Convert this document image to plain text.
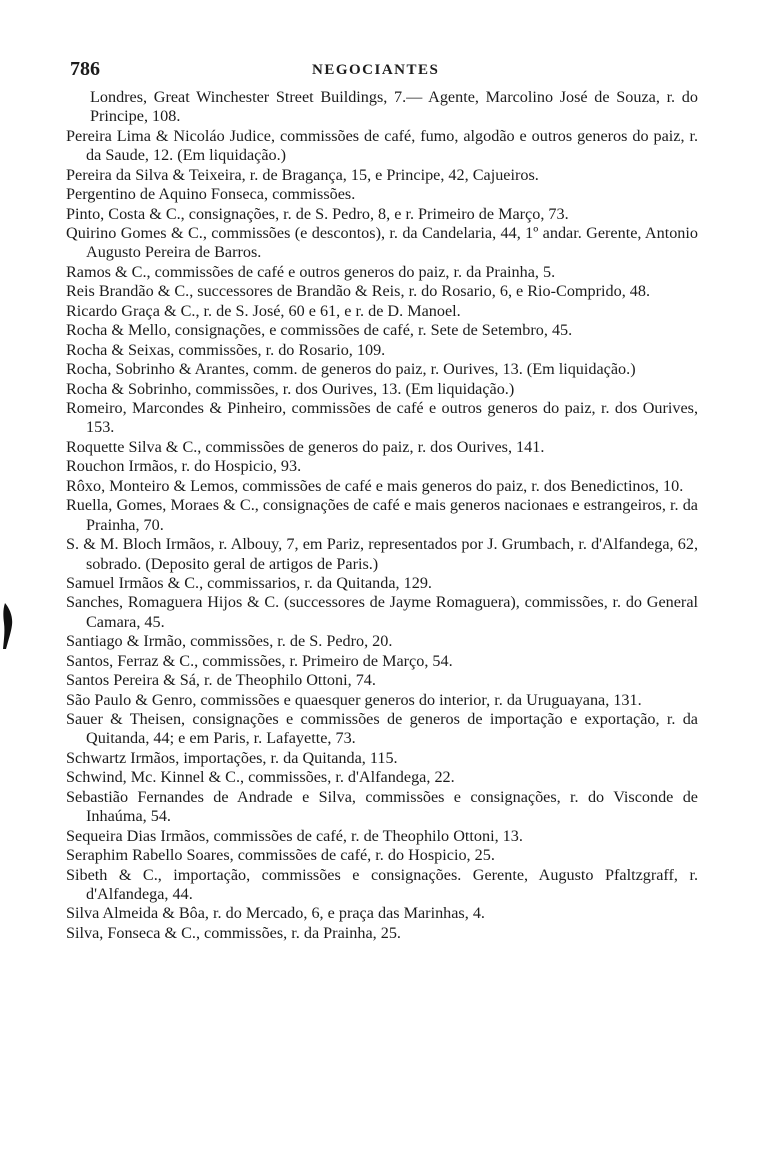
786	NEGOCIANTES

Londres, Great Winchester Street Buildings, 7.— Agente, Marcolino José de Souza, r. do Principe, 108.

Pereira Lima & Nicoláo Judice, commissões de café, fumo, algodão e outros generos do paiz, r. da Saude, 12. (Em liquidação.)

Pereira da Silva & Teixeira, r. de Bragança, 15, e Principe, 42, Cajueiros.

Pergentino de Aquino Fonseca, commissões.

Pinto, Costa & C., consignações, r. de S. Pedro, 8, e r. Primeiro de Março, 73.

Quirino Gomes & C., commissões (e descontos), r. da Candelaria, 44, 1º andar. Gerente, Antonio Augusto Pereira de Barros.

Ramos & C., commissões de café e outros generos do paiz, r. da Prainha, 5.

Reis Brandão & C., successores de Brandão & Reis, r. do Rosario, 6, e Rio-Comprido, 48.

Ricardo Graça & C., r. de S. José, 60 e 61, e r. de D. Manoel.

Rocha & Mello, consignações, e commissões de café, r. Sete de Setembro, 45.

Rocha & Seixas, commissões, r. do Rosario, 109.

Rocha, Sobrinho & Arantes, comm. de generos do paiz, r. Ourives, 13. (Em liquidação.)

Rocha & Sobrinho, commissões, r. dos Ourives, 13. (Em liquidação.)

Romeiro, Marcondes & Pinheiro, commissões de café e outros generos do paiz, r. dos Ourives, 153.

Roquette Silva & C., commissões de generos do paiz, r. dos Ourives, 141.

Rouchon Irmãos, r. do Hospicio, 93.

Rôxo, Monteiro & Lemos, commissões de café e mais generos do paiz, r. dos Benedictinos, 10.

Ruella, Gomes, Moraes & C., consignações de café e mais generos nacionaes e estrangeiros, r. da Prainha, 70.

S. & M. Bloch Irmãos, r. Albouy, 7, em Pariz, representados por J. Grumbach, r. d'Alfandega, 62, sobrado. (Deposito geral de artigos de Paris.)

Samuel Irmãos & C., commissarios, r. da Quitanda, 129.

Sanches, Romaguera Hijos & C. (successores de Jayme Romaguera), commissões, r. do General Camara, 45.

Santiago & Irmão, commissões, r. de S. Pedro, 20.

Santos, Ferraz & C., commissões, r. Primeiro de Março, 54.

Santos Pereira & Sá, r. de Theophilo Ottoni, 74.

São Paulo & Genro, commissões e quaesquer generos do interior, r. da Uruguayana, 131.

Sauer & Theisen, consignações e commissões de generos de importação e exportação, r. da Quitanda, 44; e em Paris, r. Lafayette, 73.

Schwartz Irmãos, importações, r. da Quitanda, 115.

Schwind, Mc. Kinnel & C., commissões, r. d'Alfandega, 22.

Sebastião Fernandes de Andrade e Silva, commissões e consignações, r. do Visconde de Inhaúma, 54.

Sequeira Dias Irmãos, commissões de café, r. de Theophilo Ottoni, 13.

Seraphim Rabello Soares, commissões de café, r. do Hospicio, 25.

Sibeth & C., importação, commissões e consignações. Gerente, Augusto Pfaltzgraff, r. d'Alfandega, 44.

Silva Almeida & Bôa, r. do Mercado, 6, e praça das Marinhas, 4.

Silva, Fonseca & C., commissões, r. da Prainha, 25.
